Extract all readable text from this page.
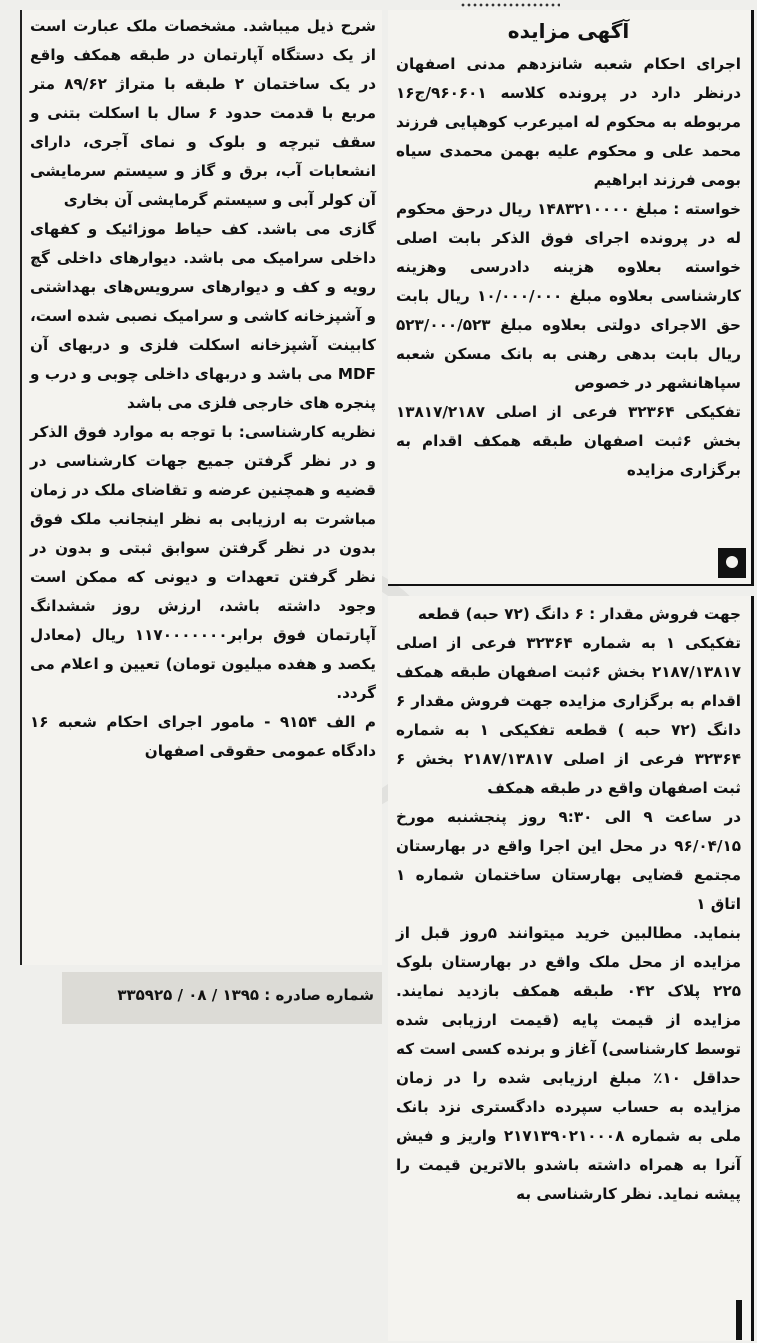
آگهی مزایده

اجرای احکام شعبه شانزدهم مدنی اصفهان درنظر دارد در پرونده کلاسه ۹۶۰۶۰۱/ج۱۶ مربوطه به محکوم له امیرعرب کوهپایی فرزند محمد علی و محکوم علیه بهمن محمدی سیاه بومی فرزند ابراهیم

خواسته : مبلغ ۱۴۸۳۲۱۰۰۰۰ ریال درحق محکوم له در پرونده اجرای فوق الذکر بابت اصلی خواسته بعلاوه هزینه دادرسی وهزینه کارشناسی بعلاوه مبلغ ۱۰/۰۰۰/۰۰۰ ریال بابت حق الاجرای دولتی بعلاوه مبلغ ۵۲۳/۰۰۰/۵۲۳ ریال بابت بدهی رهنی به بانک مسکن شعبه سپاهانشهر در خصوص

تفکیکی ۳۲۳۶۴ فرعی از اصلی ۱۳۸۱۷/۲۱۸۷ بخش ۶ثبت اصفهان طبقه همکف اقدام به برگزاری مزایده

جهت فروش مقدار : ۶ دانگ (۷۲ حبه) قطعه

تفکیکی ۱ به شماره ۳۲۳۶۴ فرعی از اصلی ۲۱۸۷/۱۳۸۱۷ بخش ۶ثبت اصفهان طبقه همکف اقدام به برگزاری مزایده جهت فروش مقدار ۶ دانگ (۷۲ حبه ) قطعه تفکیکی ۱ به شماره ۳۲۳۶۴ فرعی از اصلی ۲۱۸۷/۱۳۸۱۷ بخش ۶ ثبت اصفهان واقع در طبقه همکف

در ساعت ۹ الی ۹:۳۰ روز پنجشنبه مورخ ۹۶/۰۴/۱۵ در محل این اجرا واقع در بهارستان مجتمع قضایی بهارستان ساختمان شماره ۱ اتاق ۱

بنماید. مطالبین خرید میتوانند ۵روز قبل از مزایده از محل ملک واقع در بهارستان بلوک ۲۲۵ پلاک ۰۴۲ طبقه همکف بازدید نمایند. مزایده از قیمت پایه (قیمت ارزیابی شده توسط کارشناسی) آغاز و برنده کسی است که حداقل ۱۰٪ مبلغ ارزیابی شده را در زمان مزایده به حساب سپرده دادگستری نزد بانک ملی به شماره ۲۱۷۱۳۹۰۲۱۰۰۰۸ واریز و فیش آنرا به همراه داشته باشدو بالاترین قیمت را پیشه نماید. نظر کارشناسی به

شرح ذیل میباشد. مشخصات ملک عبارت است از یک دستگاه آپارتمان در طبقه همکف واقع در یک ساختمان ۲ طبقه با متراژ ۸۹/۶۲ متر مربع با قدمت حدود ۶ سال با اسکلت بتنی و سقف تیرچه و بلوک و نمای آجری، دارای انشعابات آب، برق و گاز و سیستم سرمایشی آن کولر آبی و سیستم گرمایشی آن بخاری

گازی می باشد. کف حیاط موزائیک و کفهای داخلی سرامیک می باشد. دیوارهای داخلی گچ رویه و کف و دیوارهای سرویس‌های بهداشتی و آشپزخانه کاشی و سرامیک نصبی شده است، کابینت آشپزخانه اسکلت فلزی و دربهای آن MDF می باشد و دربهای داخلی چوبی و درب و پنجره های خارجی فلزی می باشد

نظریه کارشناسی: با توجه به موارد فوق الذکر و در نظر گرفتن جمیع جهات کارشناسی در قضیه و همچنین عرضه و تقاضای ملک در زمان مباشرت به ارزیابی به نظر اینجانب ملک فوق بدون در نظر گرفتن سوابق ثبتی و بدون در نظر گرفتن تعهدات و دیونی که ممکن است وجود داشته باشد، ارزش روز ششدانگ آپارتمان فوق برابر۱۱۷۰۰۰۰۰۰۰ ریال (معادل یکصد و هفده میلیون تومان) تعیین و اعلام می گردد.

م الف ۹۱۵۴ - مامور اجرای احکام شعبه ۱۶ دادگاه عمومی حقوقی اصفهان

شماره صادره : ۱۳۹۵ / ۰۸ / ۳۳۵۹۲۵
